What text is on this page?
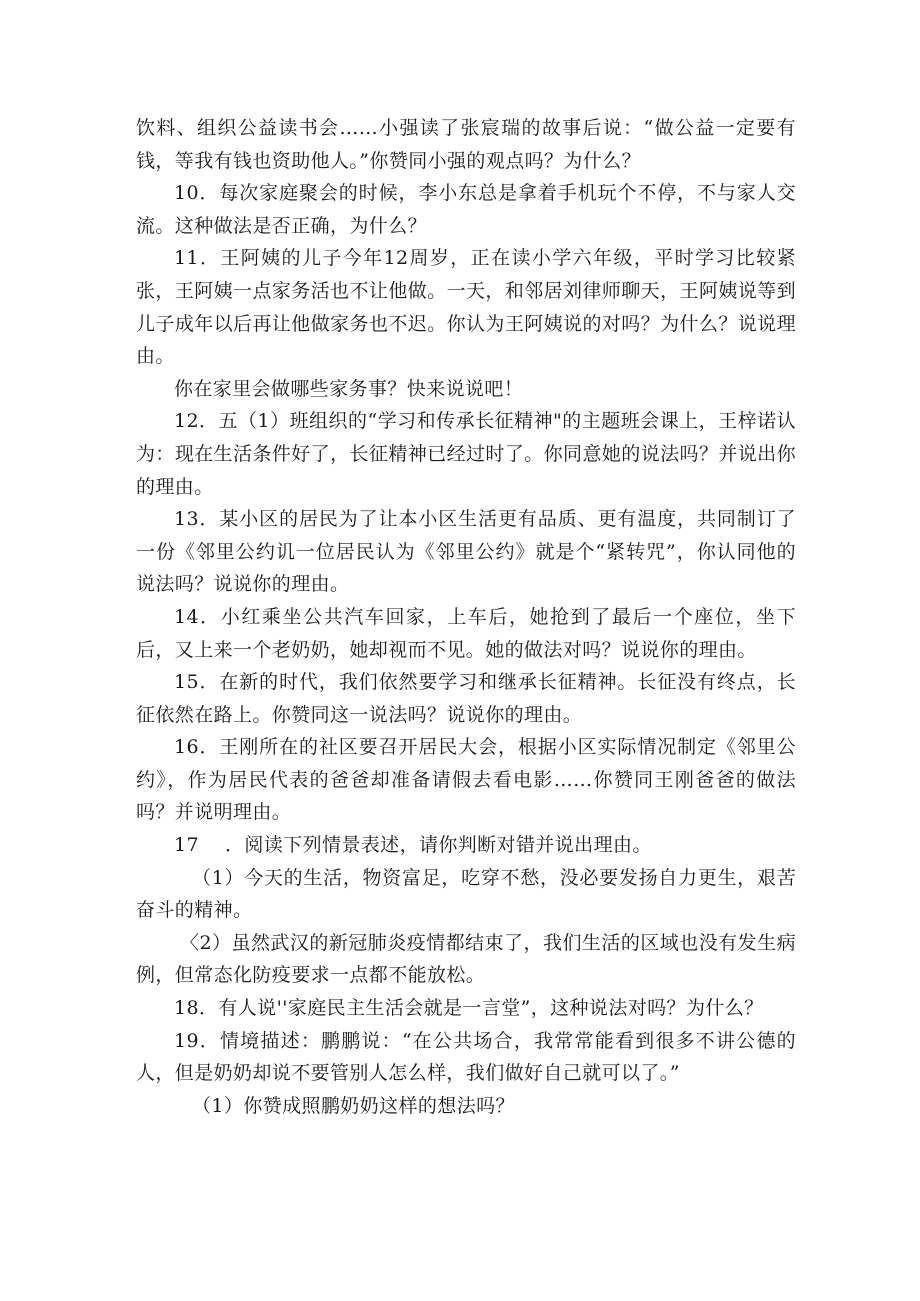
饮料、组织公益读书会……小强读了张宸瑞的故事后说：“做公益一定要有钱，等我有钱也资助他人。”你赞同小强的观点吗？为什么？

10．每次家庭聚会的时候，李小东总是拿着手机玩个不停，不与家人交流。这种做法是否正确，为什么？

11．王阿姨的儿子今年12周岁，正在读小学六年级，平时学习比较紧张，王阿姨一点家务活也不让他做。一天，和邻居刘律师聊天，王阿姨说等到儿子成年以后再让他做家务也不迟。你认为王阿姨说的对吗？为什么？说说理由。

你在家里会做哪些家务事？快来说说吧！

12．五（1）班组织的“学习和传承长征精神"的主题班会课上，王梓诺认为：现在生活条件好了，长征精神已经过时了。你同意她的说法吗？并说出你的理由。

13．某小区的居民为了让本小区生活更有品质、更有温度，共同制订了一份《邻里公约讥一位居民认为《邻里公约》就是个“紧转咒”，你认同他的说法吗？说说你的理由。

14．小红乘坐公共汽车回家，上车后，她抢到了最后一个座位，坐下后，又上来一个老奶奶，她却视而不见。她的做法对吗？说说你的理由。

15．在新的时代，我们依然要学习和继承长征精神。长征没有终点，长征依然在路上。你赞同这一说法吗？说说你的理由。

16．王刚所在的社区要召开居民大会，根据小区实际情况制定《邻里公约》，作为居民代表的爸爸却准备请假去看电影……你赞同王刚爸爸的做法吗？并说明理由。

17 ．阅读下列情景表述，请你判断对错并说出理由。

（1）今天的生活，物资富足，吃穿不愁，没必要发扬自力更生，艰苦奋斗的精神。

〈2）虽然武汉的新冠肺炎疫情都结束了，我们生活的区域也没有发生病例，但常态化防疫要求一点都不能放松。

18．有人说''家庭民主生活会就是一言堂”，这种说法对吗？为什么？

19．情境描述：鹏鹏说：“在公共场合，我常常能看到很多不讲公德的人，但是奶奶却说不要管别人怎么样，我们做好自己就可以了。”

（1）你赞成照鹏奶奶这样的想法吗？
